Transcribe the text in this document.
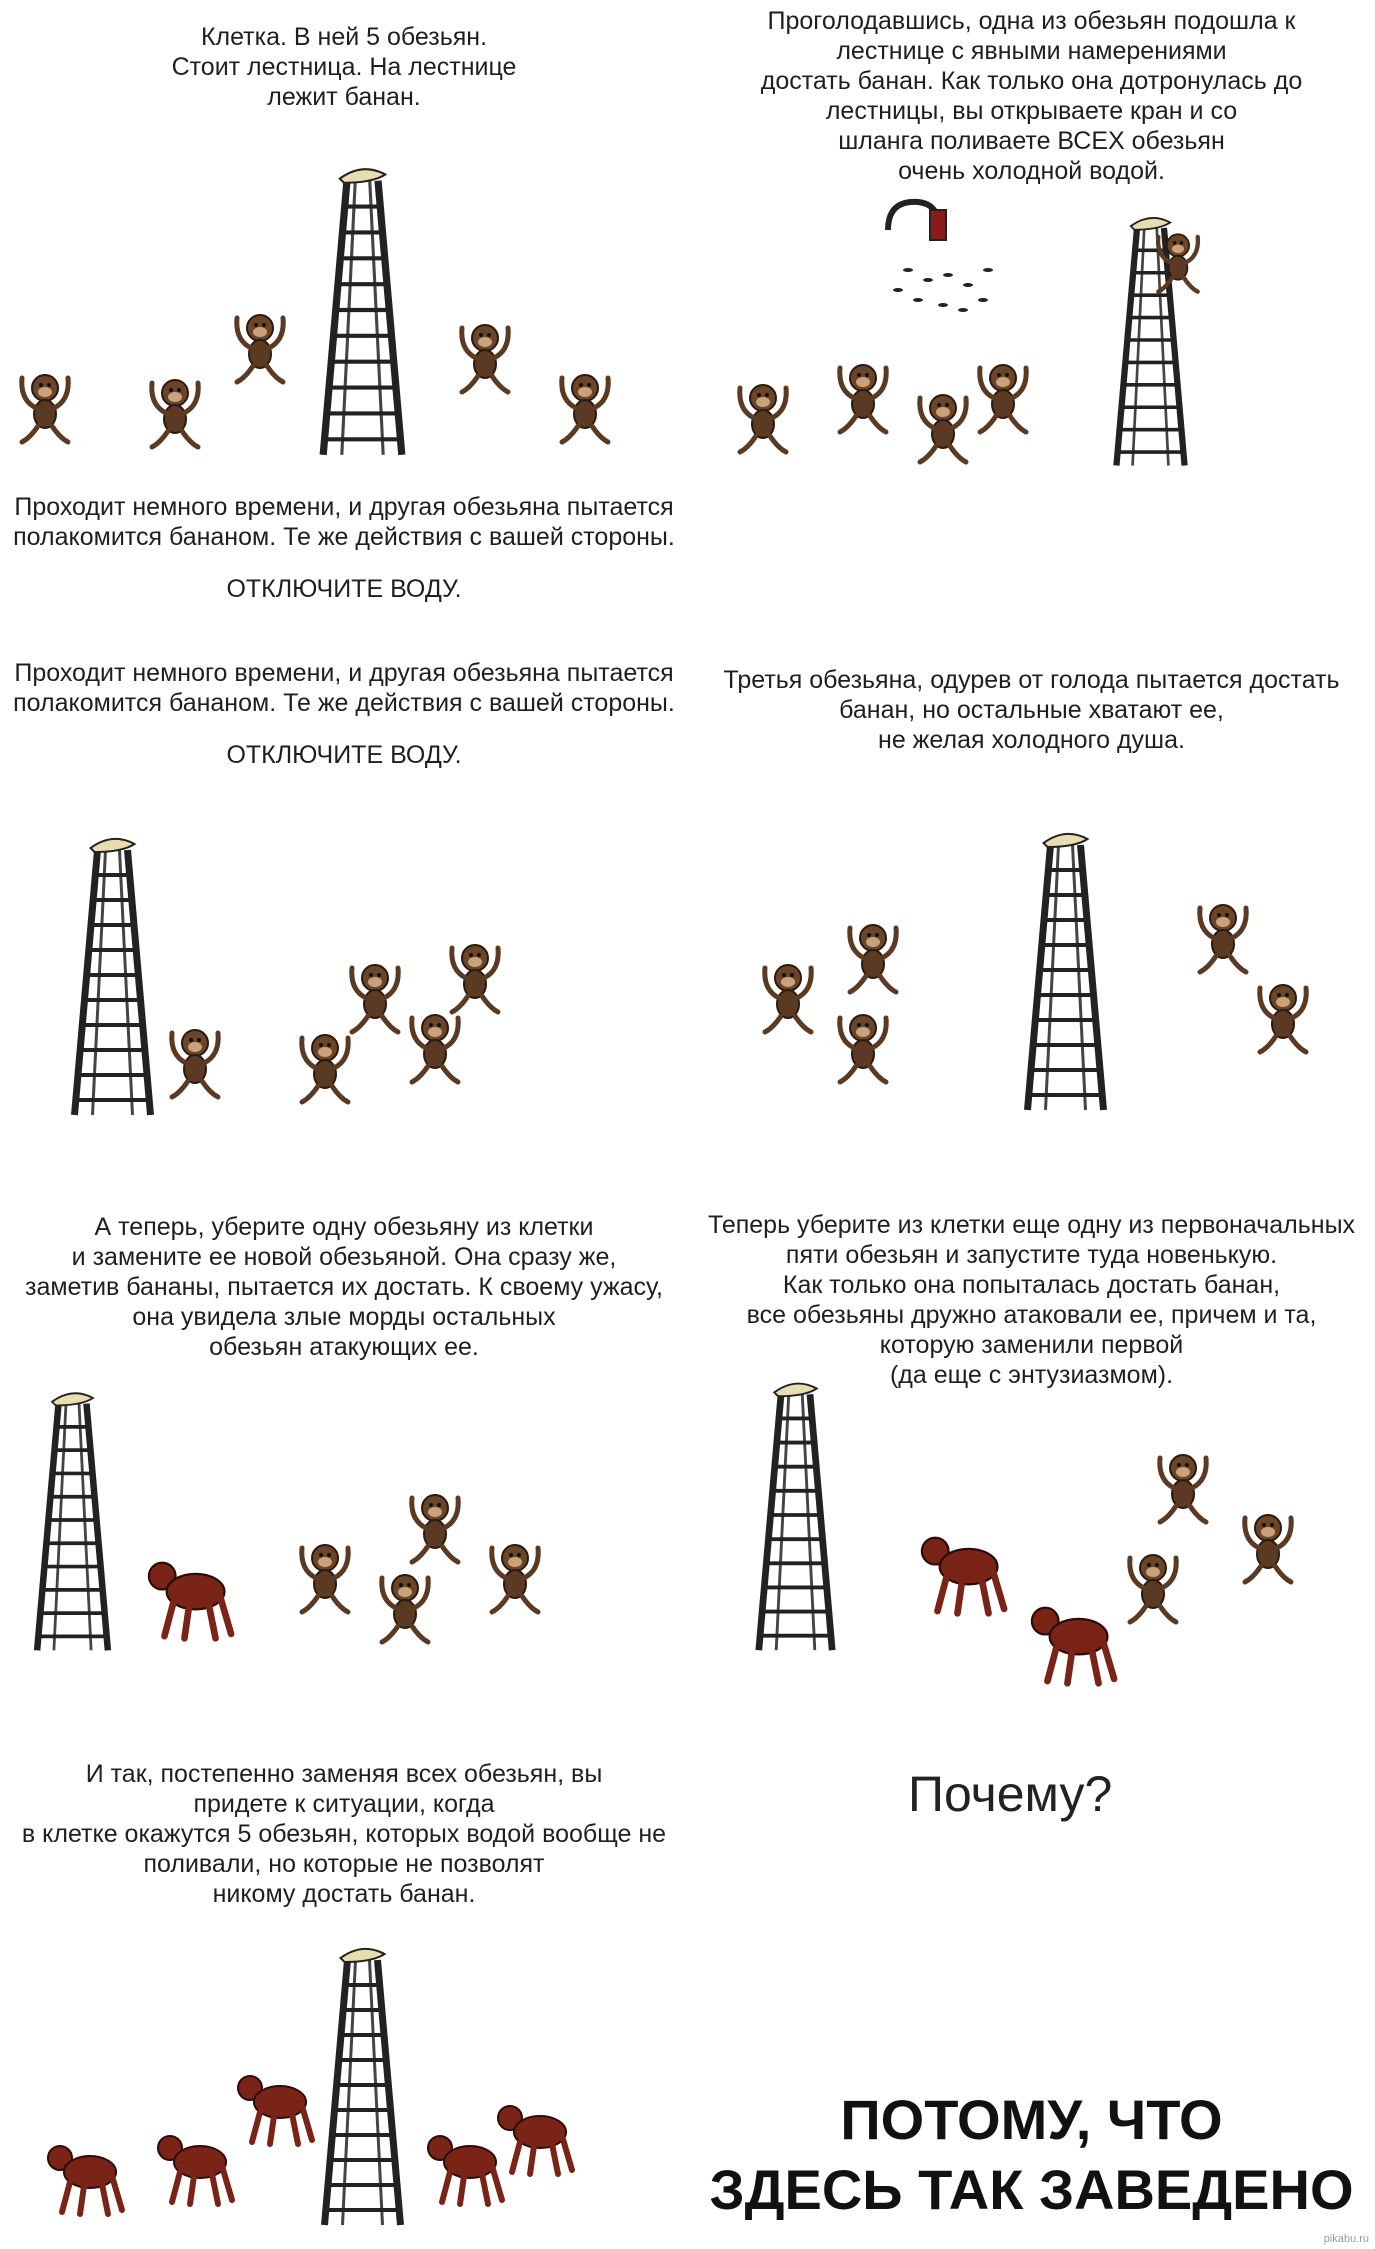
Клетка. В ней 5 обезьян.
Стоит лестница. На лестнице
лежит банан.
Проголодавшись, одна из обезьян подошла к
лестнице с явными намерениями
достать банан. Как только она дотронулась до
лестницы, вы открываете кран и со
шланга поливаете ВСЕХ обезьян
очень холодной водой.
Проходит немного времени, и другая обезьяна пытается
полакомится бананом. Те же действия с вашей стороны.
ОТКЛЮЧИТЕ ВОДУ.
Проходит немного времени, и другая обезьяна пытается
полакомится бананом. Те же действия с вашей стороны.
ОТКЛЮЧИТЕ ВОДУ.
Третья обезьяна, одурев от голода пытается достать
банан, но остальные хватают ее,
не желая холодного душа.
А теперь, уберите одну обезьяну из клетки
и замените ее новой обезьяной. Она сразу же,
заметив бананы, пытается их достать. К своему ужасу,
она увидела злые морды остальных
обезьян атакующих ее.
Теперь уберите из клетки еще одну из первоначальных
пяти обезьян и запустите туда новенькую.
Как только она попыталась достать банан,
все обезьяны дружно атаковали ее, причем и та,
которую заменили первой
(да еще с энтузиазмом).
И так, постепенно заменяя всех обезьян, вы
придете к ситуации, когда
в клетке окажутся 5 обезьян, которых водой вообще не
поливали, но которые не позволят
никому достать банан.
Почему?
ПОТОМУ, ЧТО
ЗДЕСЬ ТАК ЗАВЕДЕНО
pikabu.ru
